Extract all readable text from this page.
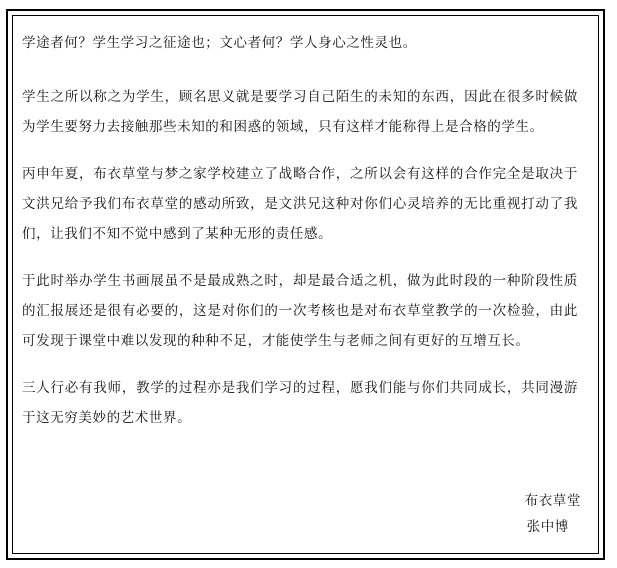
学途者何？学生学习之征途也；文心者何？学人身心之性灵也。

学生之所以称之为学生，顾名思义就是要学习自己陌生的未知的东西，因此在很多时候做为学生要努力去接触那些未知的和困惑的领域，只有这样才能称得上是合格的学生。

丙申年夏，布衣草堂与梦之家学校建立了战略合作，之所以会有这样的合作完全是取决于文洪兄给予我们布衣草堂的感动所致，是文洪兄这种对你们心灵培养的无比重视打动了我们，让我们不知不觉中感到了某种无形的责任感。

于此时举办学生书画展虽不是最成熟之时，却是最合适之机，做为此时段的一种阶段性质的汇报展还是很有必要的，这是对你们的一次考核也是对布衣草堂教学的一次检验，由此可发现于课堂中难以发现的种种不足，才能使学生与老师之间有更好的互增互长。

三人行必有我师，教学的过程亦是我们学习的过程，愿我们能与你们共同成长，共同漫游于这无穷美妙的艺术世界。

布衣草堂
张中博
